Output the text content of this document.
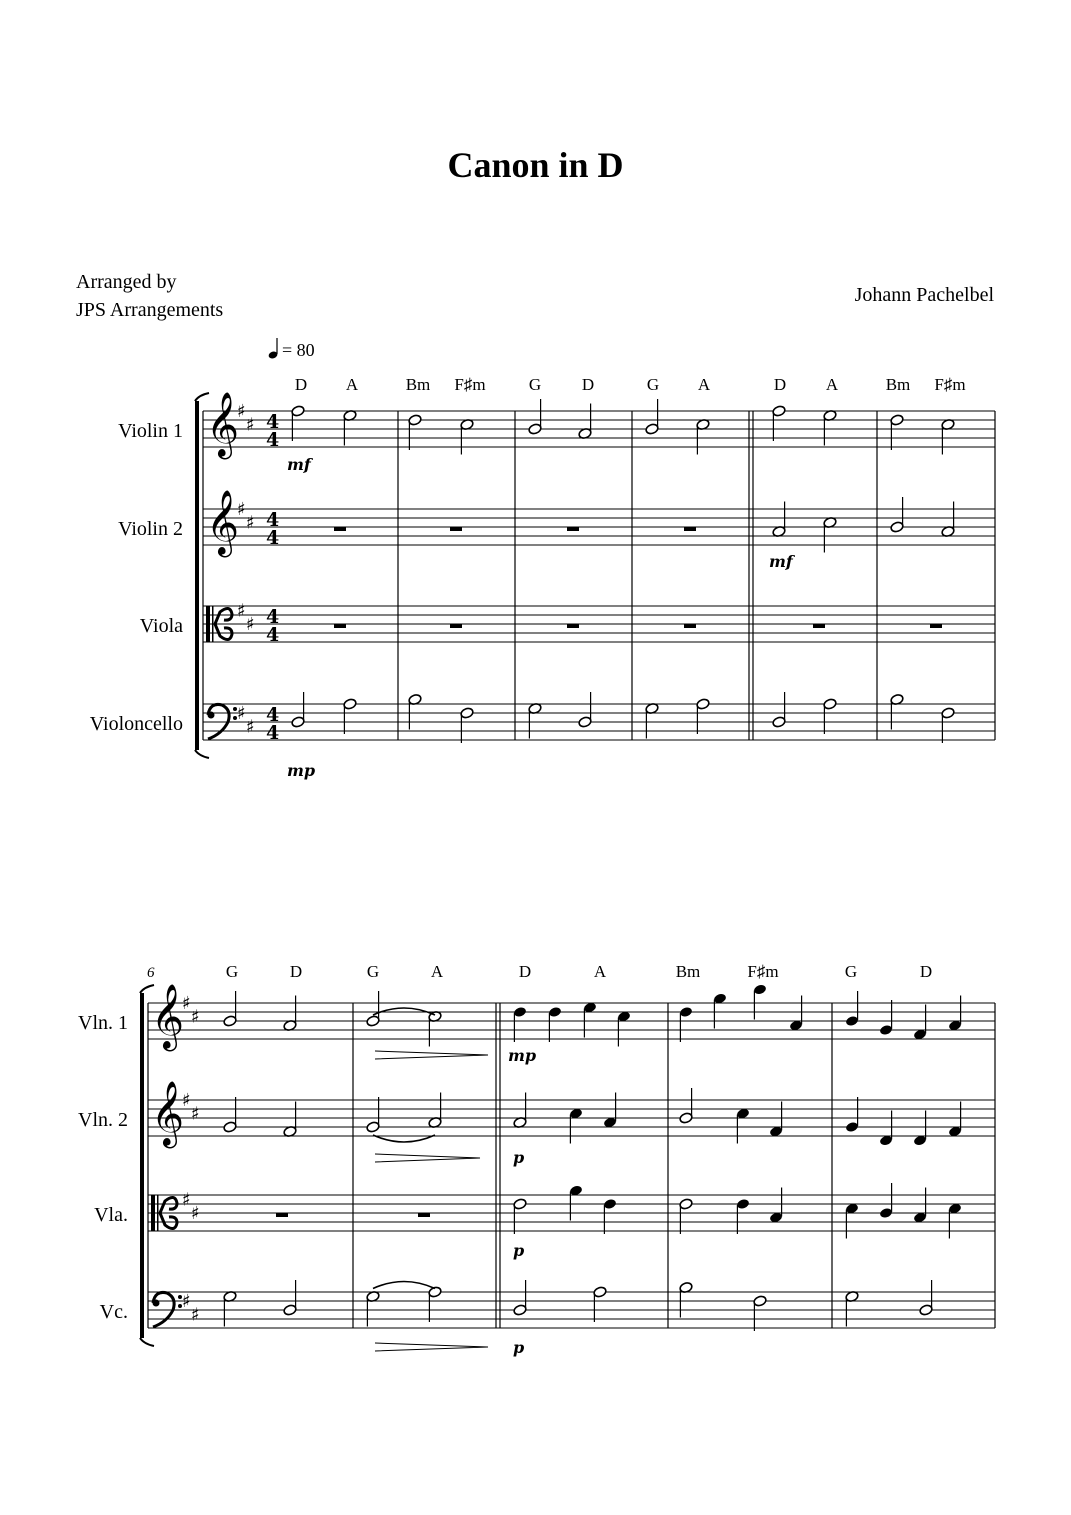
Canon in D
Arranged by
JPS Arrangements
Johann Pachelbel
= 80
𝄞
♯
♯ 4
4
Violin 1
𝄞
♯
♯ 4
4
Violin 2
♯
♯ 4
4
Viola
♯
♯
4
4
Violoncello
𝄞
♯
♯
Vln. 1
𝄞
♯
♯
Vln. 2
♯
♯
Vla.
♯
♯
Vc.
D A	Bm F♯m	G D	G A	D A	Bm F♯m
mf
mf
mp
6	G	D	G	A	D	A	Bm	F♯m	G	D
mp
p
p
p
